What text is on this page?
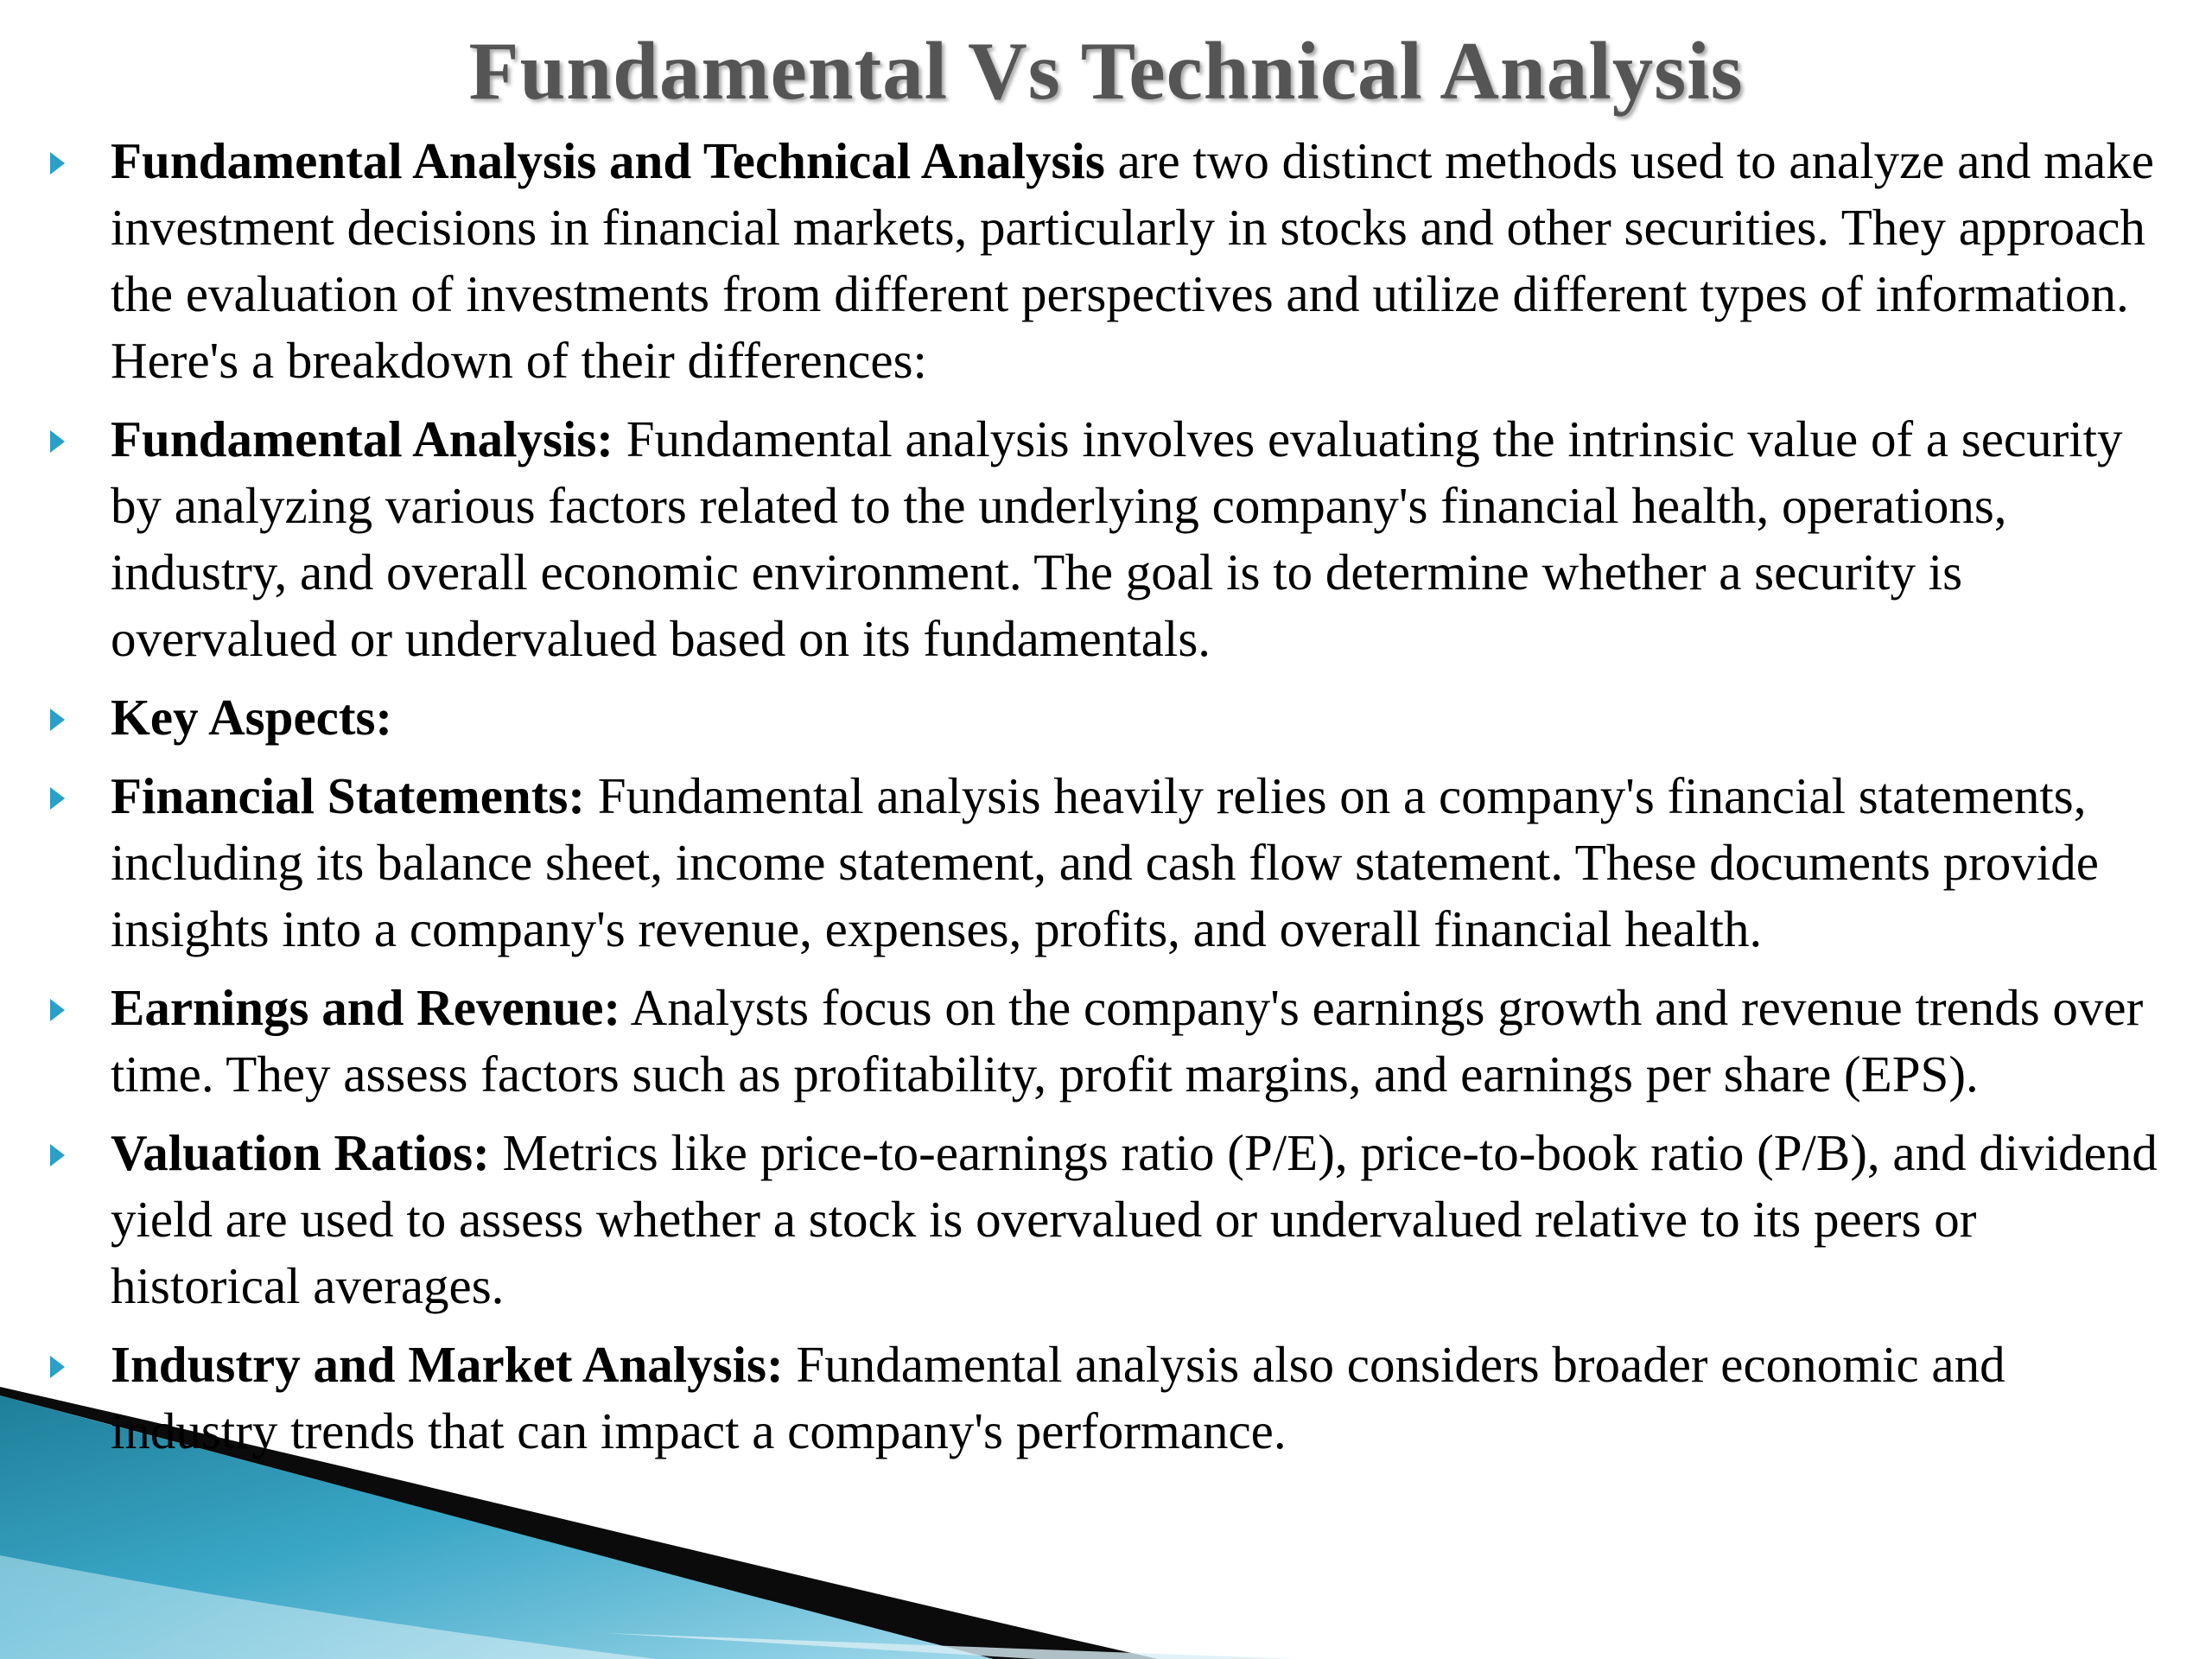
Fundamental Vs Technical Analysis
Fundamental Analysis and Technical Analysis are two distinct methods used to analyze and make investment decisions in financial markets, particularly in stocks and other securities. They approach the evaluation of investments from different perspectives and utilize different types of information. Here's a breakdown of their differences:
Fundamental Analysis: Fundamental analysis involves evaluating the intrinsic value of a security by analyzing various factors related to the underlying company's financial health, operations, industry, and overall economic environment. The goal is to determine whether a security is overvalued or undervalued based on its fundamentals.
Key Aspects:
Financial Statements: Fundamental analysis heavily relies on a company's financial statements, including its balance sheet, income statement, and cash flow statement. These documents provide insights into a company's revenue, expenses, profits, and overall financial health.
Earnings and Revenue: Analysts focus on the company's earnings growth and revenue trends over time. They assess factors such as profitability, profit margins, and earnings per share (EPS).
Valuation Ratios: Metrics like price-to-earnings ratio (P/E), price-to-book ratio (P/B), and dividend yield are used to assess whether a stock is overvalued or undervalued relative to its peers or historical averages.
Industry and Market Analysis: Fundamental analysis also considers broader economic and industry trends that can impact a company's performance.
